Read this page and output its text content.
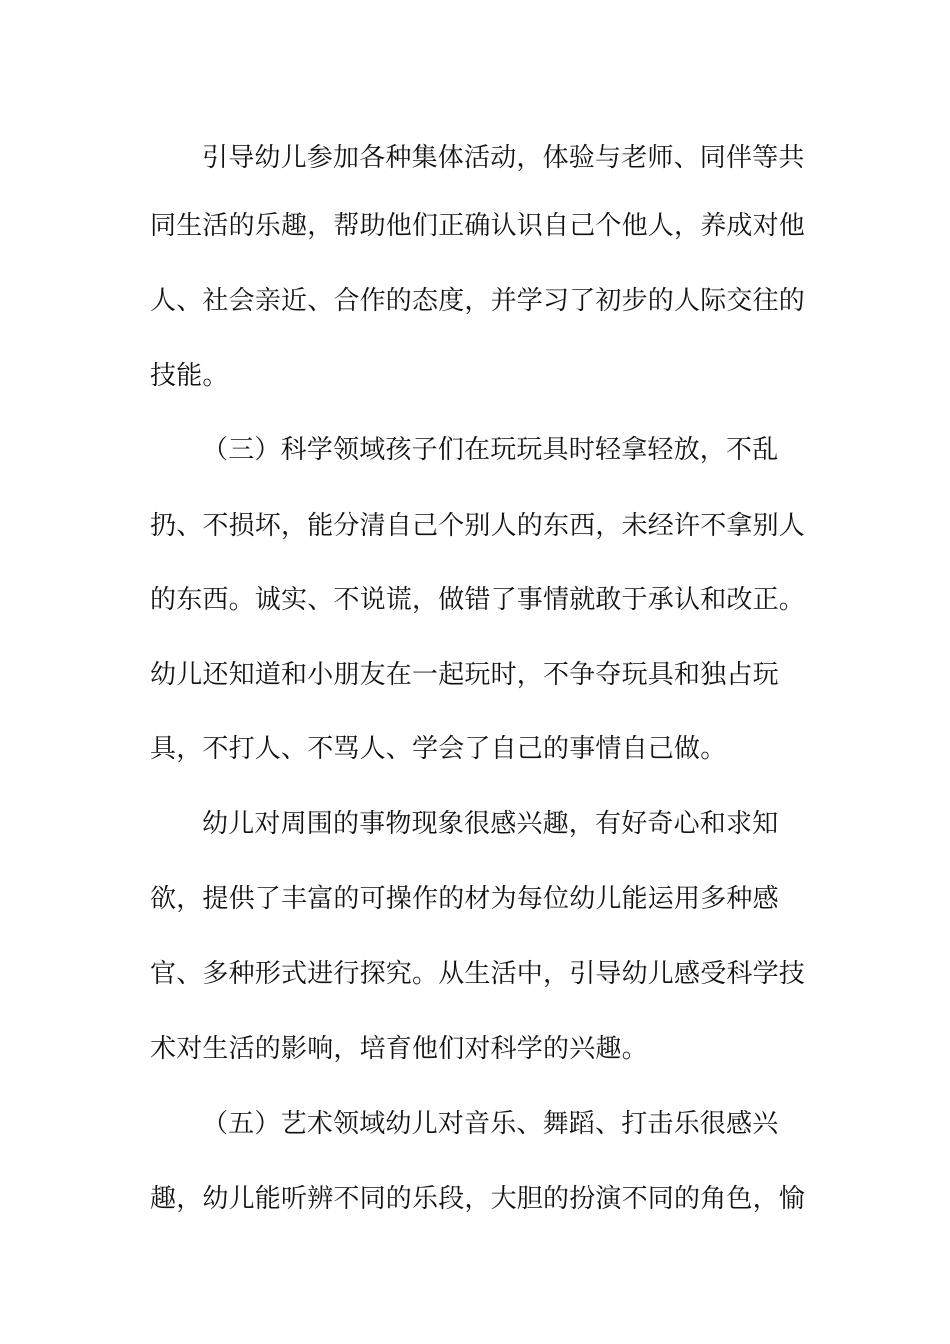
引导幼儿参加各种集体活动，体验与老师、同伴等共
同生活的乐趣，帮助他们正确认识自己个他人，养成对他
人、社会亲近、合作的态度，并学习了初步的人际交往的
技能。
（三）科学领域孩子们在玩玩具时轻拿轻放，不乱
扔、不损坏，能分清自己个别人的东西，未经许不拿别人
的东西。诚实、不说谎，做错了事情就敢于承认和改正。
幼儿还知道和小朋友在一起玩时，不争夺玩具和独占玩
具，不打人、不骂人、学会了自己的事情自己做。
幼儿对周围的事物现象很感兴趣，有好奇心和求知
欲，提供了丰富的可操作的材为每位幼儿能运用多种感
官、多种形式进行探究。从生活中，引导幼儿感受科学技
术对生活的影响，培育他们对科学的兴趣。
（五）艺术领域幼儿对音乐、舞蹈、打击乐很感兴
趣，幼儿能听辨不同的乐段，大胆的扮演不同的角色，愉
